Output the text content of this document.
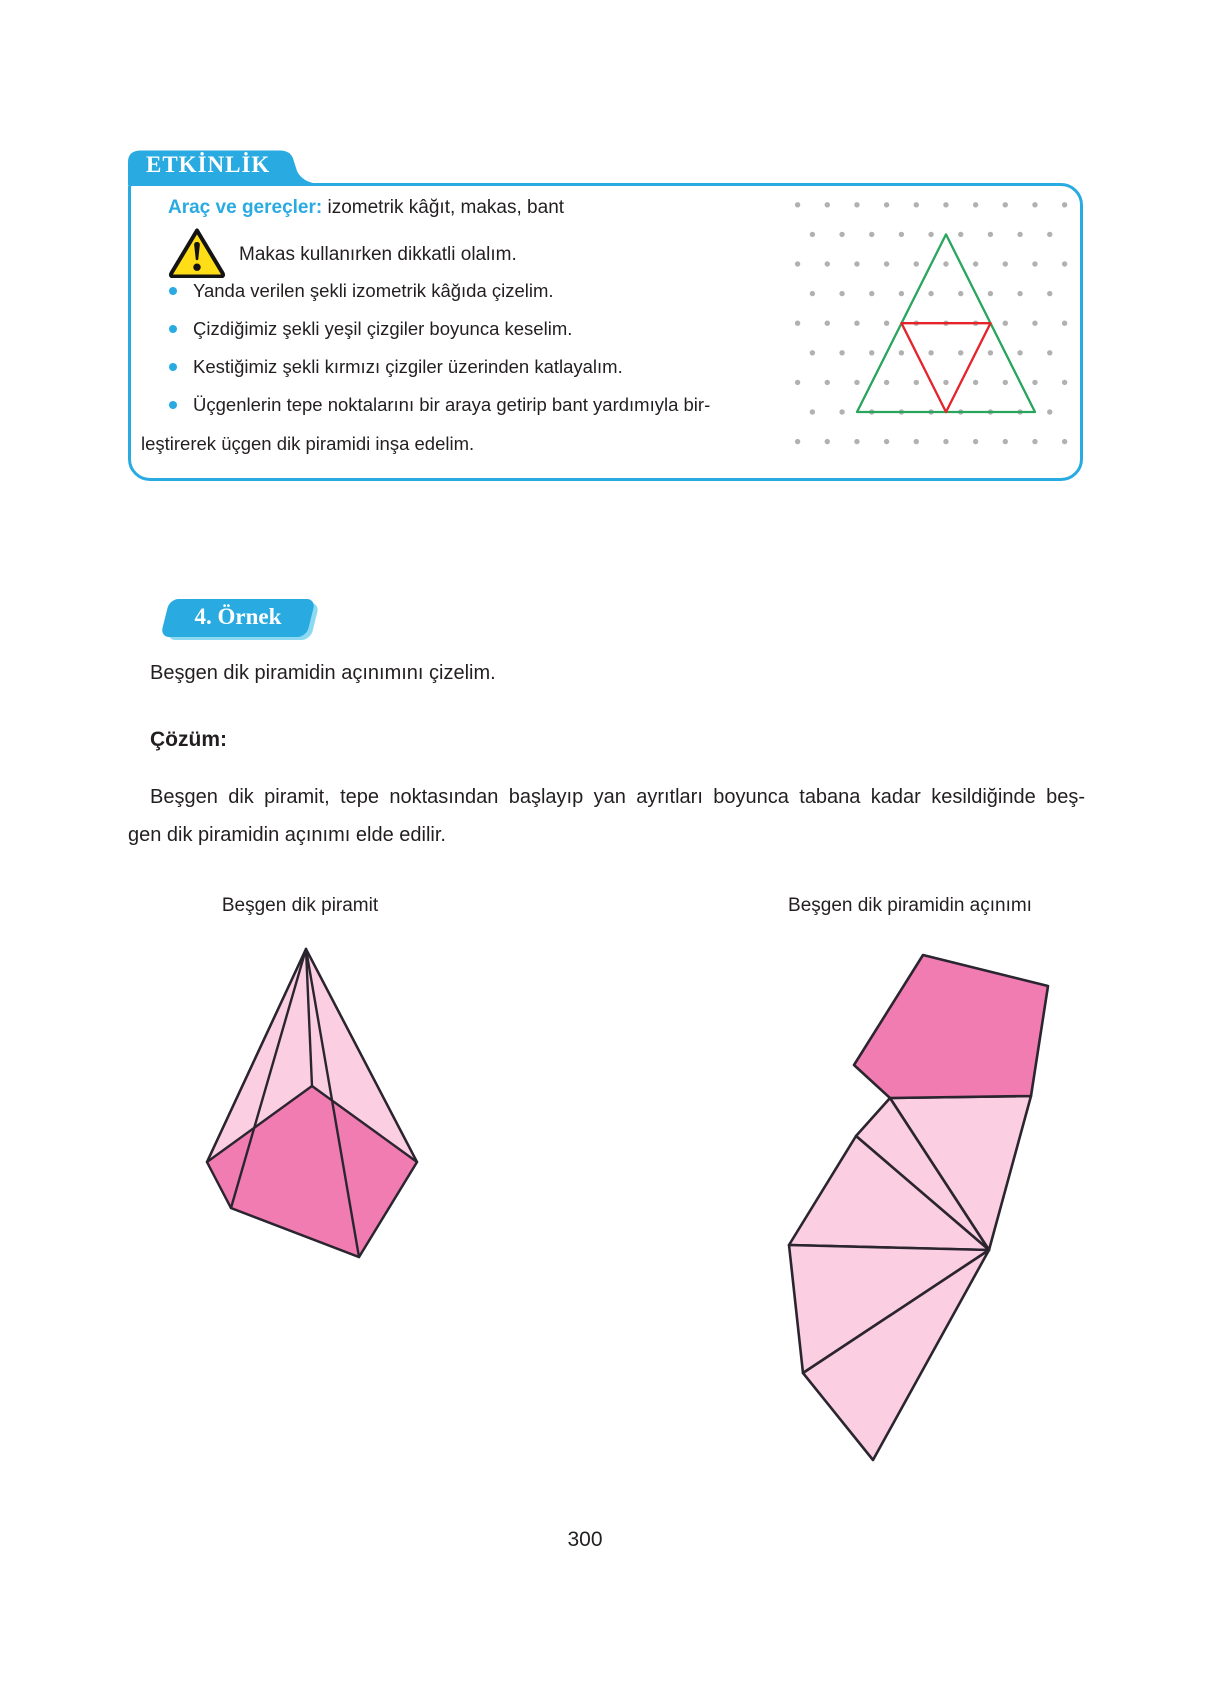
ETKİNLİK
Araç ve gereçler: izometrik kâğıt, makas, bant
Makas kullanırken dikkatli olalım.
Yanda verilen şekli izometrik kâğıda çizelim.
Çizdiğimiz şekli yeşil çizgiler boyunca keselim.
Kestiğimiz şekli kırmızı çizgiler üzerinden katlayalım.
Üçgenlerin tepe noktalarını bir araya getirip bant yardımıyla bir-
leştirerek üçgen dik piramidi inşa edelim.
4. Örnek
Beşgen dik piramidin açınımını çizelim.
Çözüm:
Beşgen dik piramit, tepe noktasından başlayıp yan ayrıtları boyunca tabana kadar kesildiğinde beş-
gen dik piramidin açınımı elde edilir.
Beşgen dik piramit	Beşgen dik piramidin açınımı
300
